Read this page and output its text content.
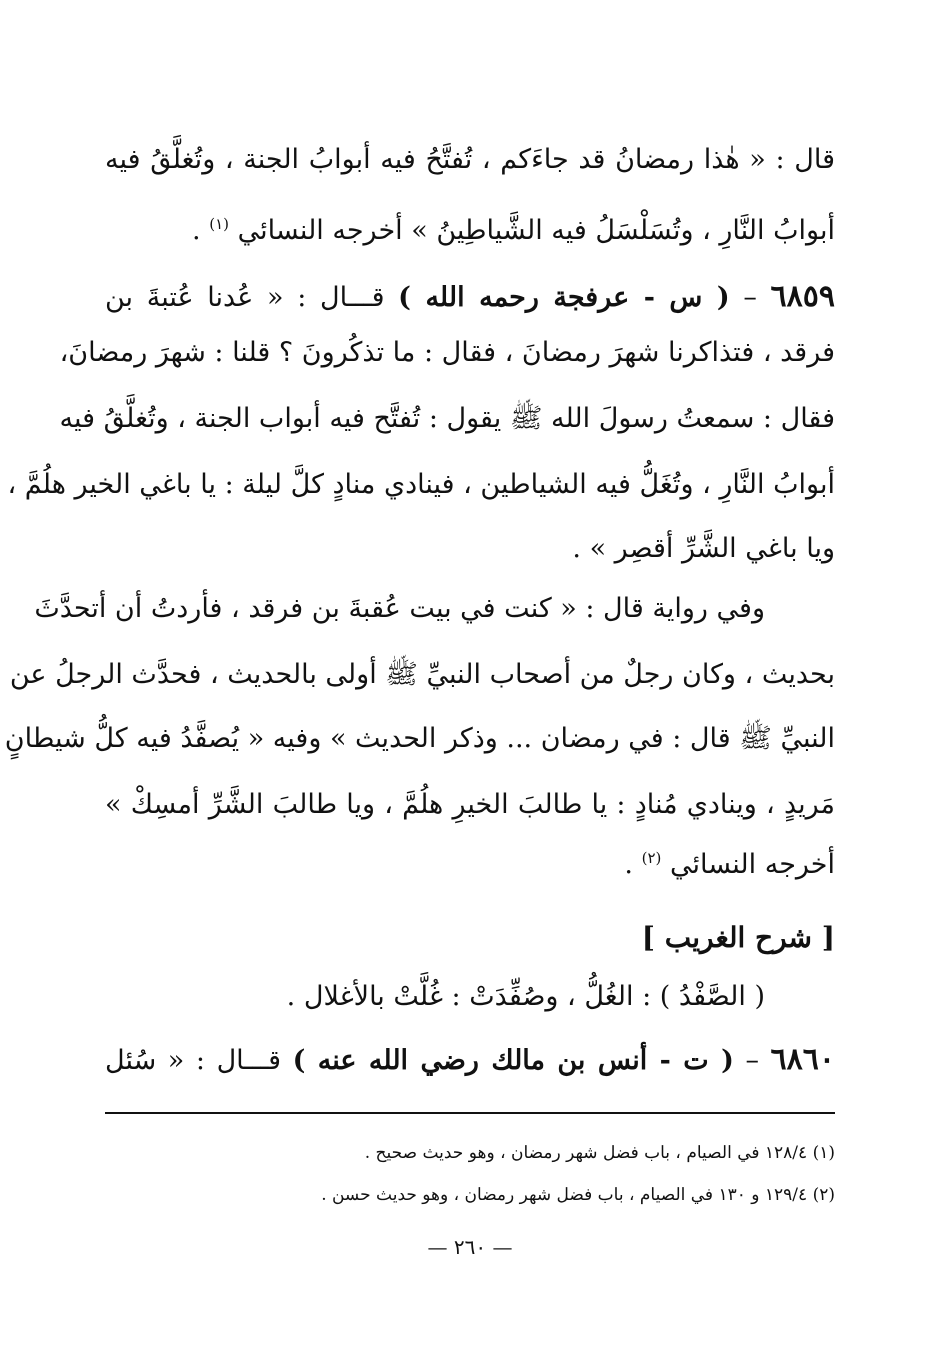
قال : « هٰذا رمضانُ قد جاءَكم ، تُفتَّحُ فيه أبوابُ الجنة ، وتُغلَّقُ فيه
أبوابُ النَّارِ ، وتُسَلْسَلُ فيه الشَّياطِينُ » أخرجه النسائي $^{(١)}$ .
٦٨٥٩ – ( س - عرفجة رحمه الله ) قـــال : « عُدنا عُتبةَ بن
فرقد ، فتذاكرنا شهرَ رمضانَ ، فقال : ما تذكُرونَ ؟ قلنا : شهرَ رمضانَ،
فقال : سمعتُ رسولَ الله ﷺ يقول : تُفتَّح فيه أبواب الجنة ، وتُغلَّقُ فيه
أبوابُ النَّارِ ، وتُغَلُّ فيه الشياطين ، فينادي منادٍ كلَّ ليلة : يا باغي الخير هلُمَّ ،
ويا باغي الشَّرِّ أقصِر » .
وفي رواية قال : « كنت في بيت عُقبةَ بن فرقد ، فأردتُ أن أتحدَّثَ
بحديث ، وكان رجلٌ من أصحاب النبيِّ ﷺ أولى بالحديث ، فحدَّث الرجلُ عن
النبيِّ ﷺ قال : في رمضان ... وذكر الحديث » وفيه « يُصفَّدُ فيه كلُّ شيطانٍ
مَريدٍ ، وينادي مُنادٍ : يا طالبَ الخيرِ هلُمَّ ، ويا طالبَ الشَّرِّ أمسِكْ »
أخرجه النسائي $^{(٢)}$ .
[ شرح الغريب ]
( الصَّفْدُ ) : الغُلُّ ، وصُفِّدَتْ : غُلَّتْ بالأغلال .
٦٨٦٠ – ( ت - أنس بن مالك رضي الله عنه ) قـــال : « سُئل
(١) ١٢٨/٤ في الصيام ، باب فضل شهر رمضان ، وهو حديث صحيح .
(٢) ١٢٩/٤ و ١٣٠ في الصيام ، باب فضل شهر رمضان ، وهو حديث حسن .
— ٢٦٠ —
